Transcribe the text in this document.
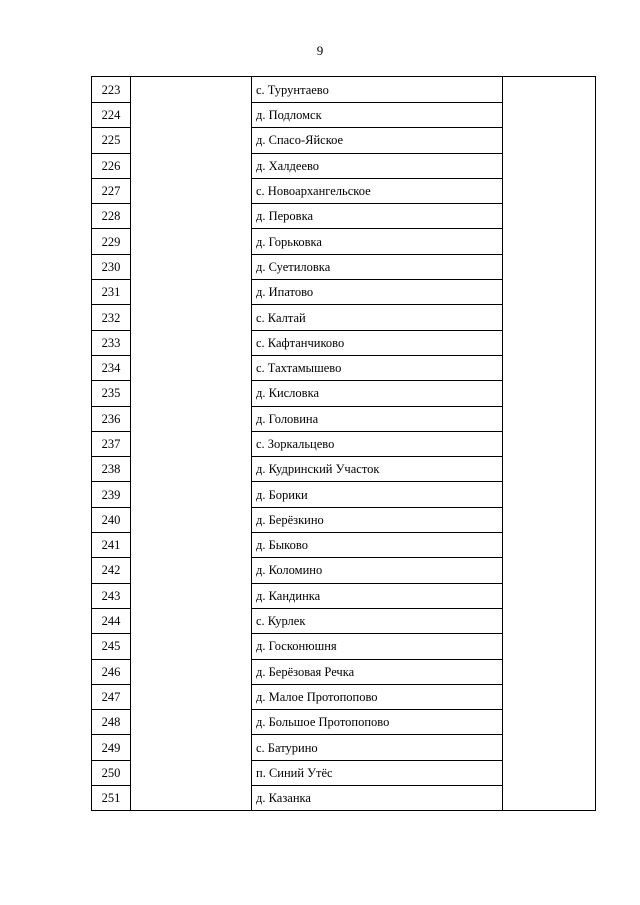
9
223		с. Турунтаево	
224		д. Подломск	
225		д. Спасо-Яйское	
226		д. Халдеево	
227		с. Новоархангельское	
228		д. Перовка	
229		д. Горьковка	
230		д. Суетиловка	
231		д. Ипатово	
232		с. Калтай	
233		с. Кафтанчиково	
234		с. Тахтамышево	
235		д. Кисловка	
236		д. Головина	
237		с. Зоркальцево	
238		д. Кудринский Участок	
239		д. Борики	
240		д. Берёзкино	
241		д. Быково	
242		д. Коломино	
243		д. Кандинка	
244		с. Курлек	
245		д. Госконюшня	
246		д. Берёзовая Речка	
247		д. Малое Протопопово	
248		д. Большое Протопопово	
249		с. Батурино	
250		п. Синий Утёс	
251		д. Казанка	
